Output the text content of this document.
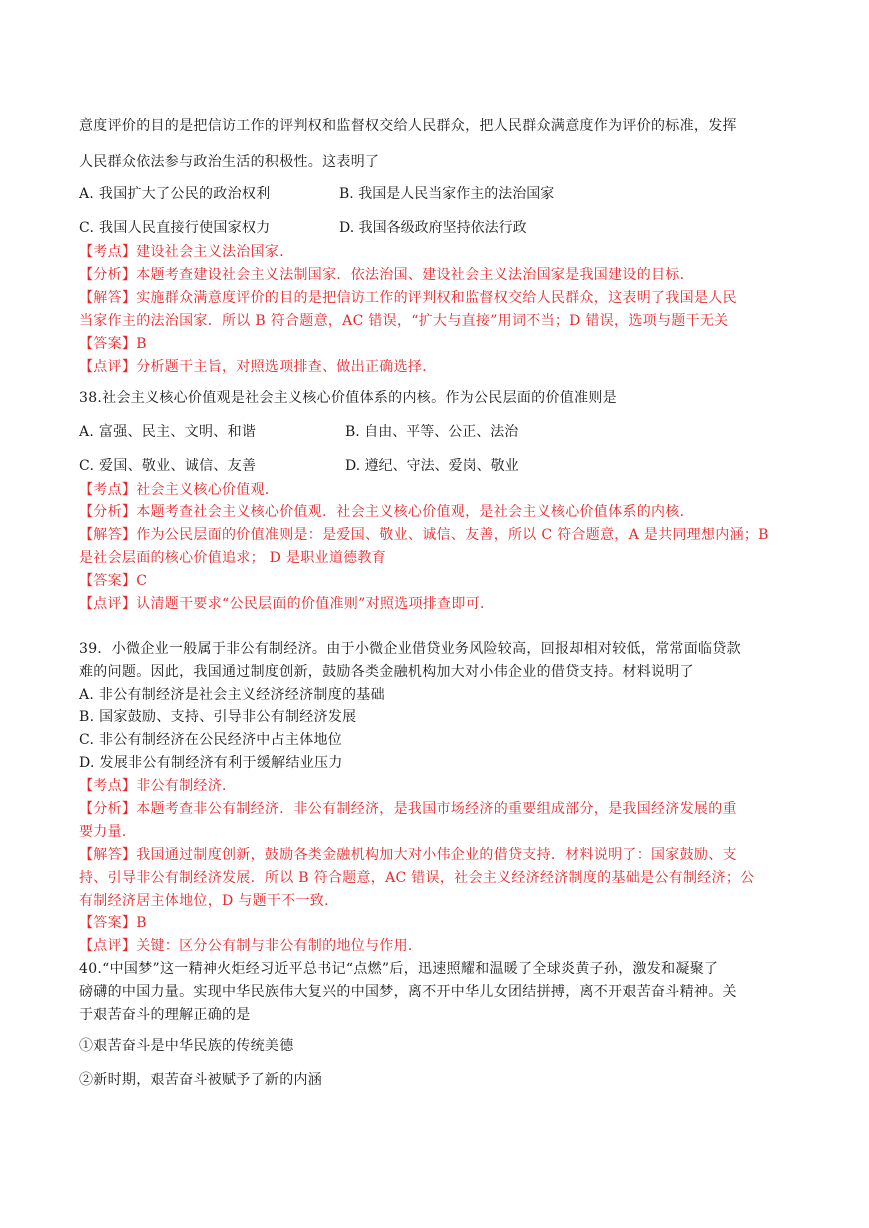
意度评价的目的是把信访工作的评判权和监督权交给人民群众，把人民群众满意度作为评价的标准，发挥
人民群众依法参与政治生活的积极性。这表明了
A. 我国扩大了公民的政治权利	B. 我国是人民当家作主的法治国家
C. 我国人民直接行使国家权力	D. 我国各级政府坚持依法行政
【考点】建设社会主义法治国家．
【分析】本题考查建设社会主义法制国家．依法治国、建设社会主义法治国家是我国建设的目标．
【解答】实施群众满意度评价的目的是把信访工作的评判权和监督权交给人民群众，这表明了我国是人民
当家作主的法治国家．所以 B 符合题意，AC 错误，“扩大与直接”用词不当；D 错误，选项与题干无关
【答案】B
【点评】分析题干主旨，对照选项排查、做出正确选择．
38.社会主义核心价值观是社会主义核心价值体系的内核。作为公民层面的价值准则是
A. 富强、民主、文明、和谐	B. 自由、平等、公正、法治
C. 爱国、敬业、诚信、友善	D. 遵纪、守法、爱岗、敬业
【考点】社会主义核心价值观．
【分析】本题考查社会主义核心价值观．社会主义核心价值观，是社会主义核心价值体系的内核．
【解答】作为公民层面的价值准则是：是爱国、敬业、诚信、友善，所以 C 符合题意，A 是共同理想内涵；B
是社会层面的核心价值追求； D 是职业道德教育
【答案】C
【点评】认清题干要求“公民层面的价值准则”对照选项排查即可．
39．小微企业一般属于非公有制经济。由于小微企业借贷业务风险较高，回报却相对较低，常常面临贷款
难的问题。因此，我国通过制度创新，鼓励各类金融机构加大对小伟企业的借贷支持。材料说明了
A. 非公有制经济是社会主义经济经济制度的基础
B. 国家鼓励、支持、引导非公有制经济发展
C. 非公有制经济在公民经济中占主体地位
D. 发展非公有制经济有利于缓解结业压力
【考点】非公有制经济．
【分析】本题考查非公有制经济．非公有制经济，是我国市场经济的重要组成部分，是我国经济发展的重
要力量．
【解答】我国通过制度创新，鼓励各类金融机构加大对小伟企业的借贷支持．材料说明了：国家鼓励、支
持、引导非公有制经济发展．所以 B 符合题意，AC 错误，社会主义经济经济制度的基础是公有制经济；公
有制经济居主体地位，D 与题干不一致．
【答案】B
【点评】关键：区分公有制与非公有制的地位与作用．
40.“中国梦”这一精神火炬经习近平总书记“点燃”后，迅速照耀和温暖了全球炎黄子孙，激发和凝聚了
磅礴的中国力量。实现中华民族伟大复兴的中国梦，离不开中华儿女团结拼搏，离不开艰苦奋斗精神。关
于艰苦奋斗的理解正确的是
①艰苦奋斗是中华民族的传统美德
②新时期，艰苦奋斗被赋予了新的内涵
